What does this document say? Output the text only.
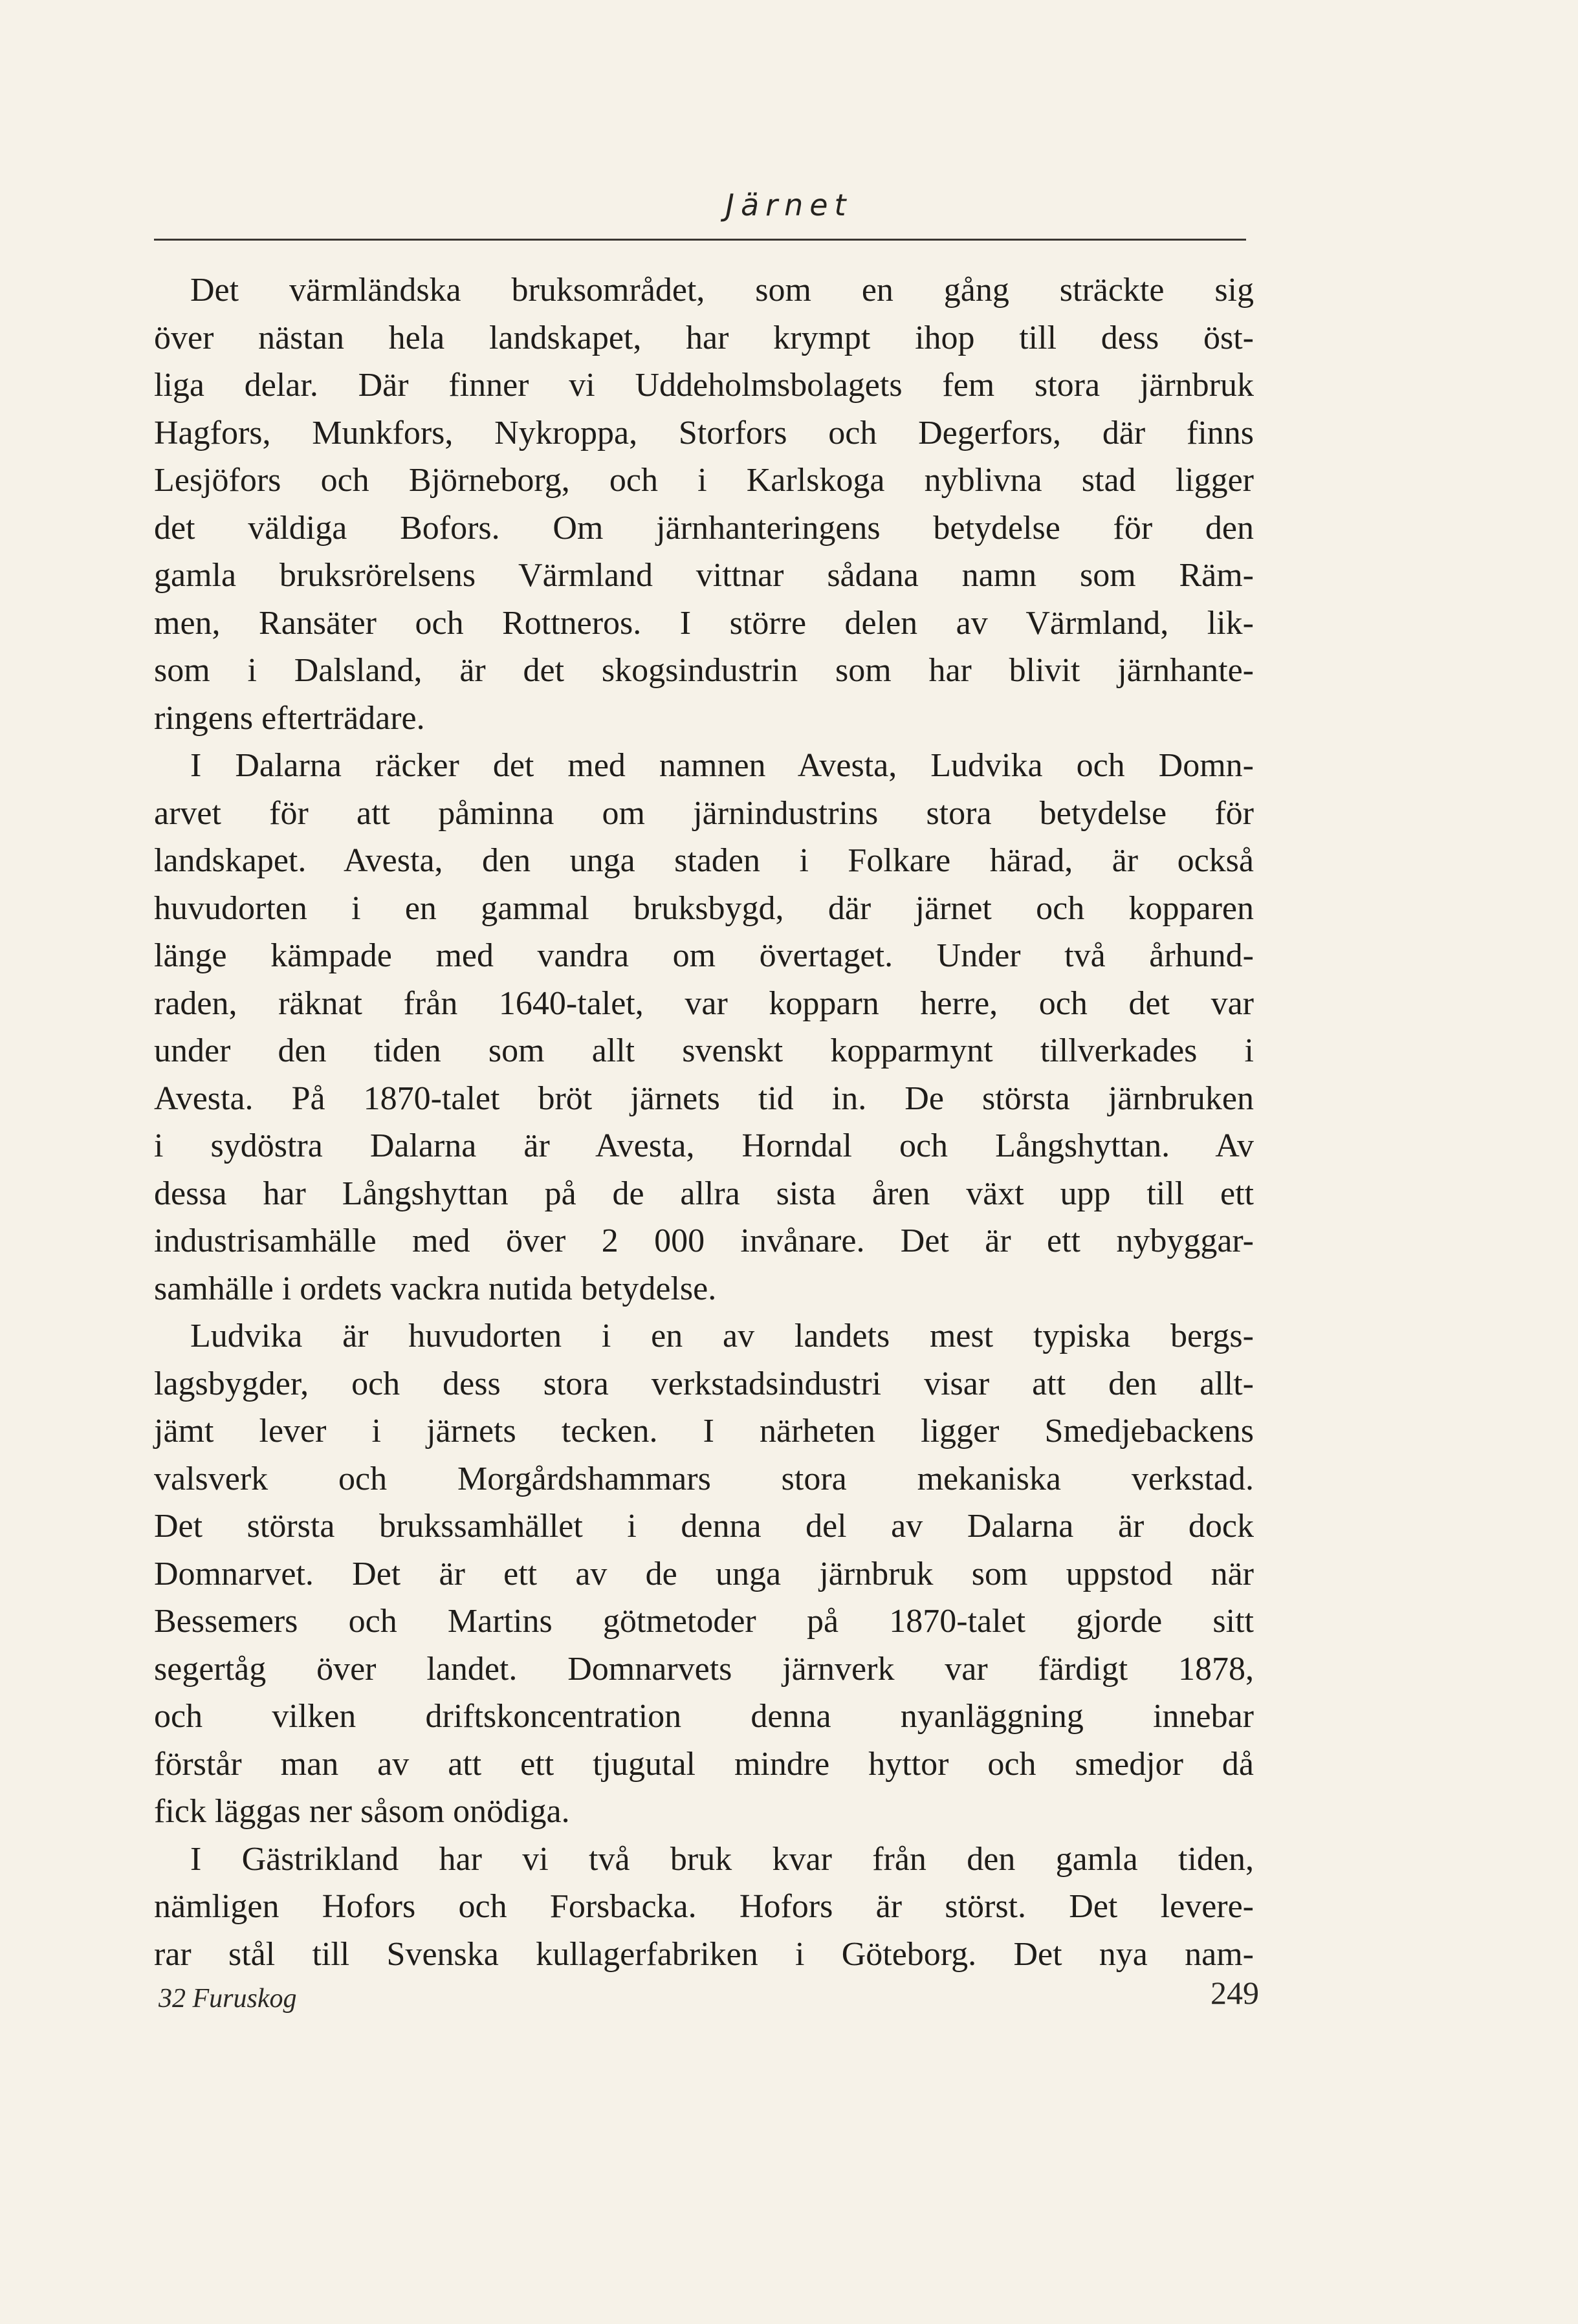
Järnet
Det värmländska bruksområdet, som en gång sträckte sig
över nästan hela landskapet, har krympt ihop till dess öst-
liga delar. Där finner vi Uddeholmsbolagets fem stora järnbruk
Hagfors, Munkfors, Nykroppa, Storfors och Degerfors, där finns
Lesjöfors och Björneborg, och i Karlskoga nyblivna stad ligger
det väldiga Bofors. Om järnhanteringens betydelse för den
gamla bruksrörelsens Värmland vittnar sådana namn som Räm-
men, Ransäter och Rottneros. I större delen av Värmland, lik-
som i Dalsland, är det skogsindustrin som har blivit järnhante-
ringens efterträdare.
I Dalarna räcker det med namnen Avesta, Ludvika och Domn-
arvet för att påminna om järnindustrins stora betydelse för
landskapet. Avesta, den unga staden i Folkare härad, är också
huvudorten i en gammal bruksbygd, där järnet och kopparen
länge kämpade med vandra om övertaget. Under två århund-
raden, räknat från 1640-talet, var kopparn herre, och det var
under den tiden som allt svenskt kopparmynt tillverkades i
Avesta. På 1870-talet bröt järnets tid in. De största järnbruken
i sydöstra Dalarna är Avesta, Horndal och Långshyttan. Av
dessa har Långshyttan på de allra sista åren växt upp till ett
industrisamhälle med över 2 000 invånare. Det är ett nybyggar-
samhälle i ordets vackra nutida betydelse.
Ludvika är huvudorten i en av landets mest typiska bergs-
lagsbygder, och dess stora verkstadsindustri visar att den allt-
jämt lever i järnets tecken. I närheten ligger Smedjebackens
valsverk och Morgårdshammars stora mekaniska verkstad.
Det största brukssamhället i denna del av Dalarna är dock
Domnarvet. Det är ett av de unga järnbruk som uppstod när
Bessemers och Martins götmetoder på 1870-talet gjorde sitt
segertåg över landet. Domnarvets järnverk var färdigt 1878,
och vilken driftskoncentration denna nyanläggning innebar
förstår man av att ett tjugutal mindre hyttor och smedjor då
fick läggas ner såsom onödiga.
I Gästrikland har vi två bruk kvar från den gamla tiden,
nämligen Hofors och Forsbacka. Hofors är störst. Det levere-
rar stål till Svenska kullagerfabriken i Göteborg. Det nya nam-
32 Furuskog	249
